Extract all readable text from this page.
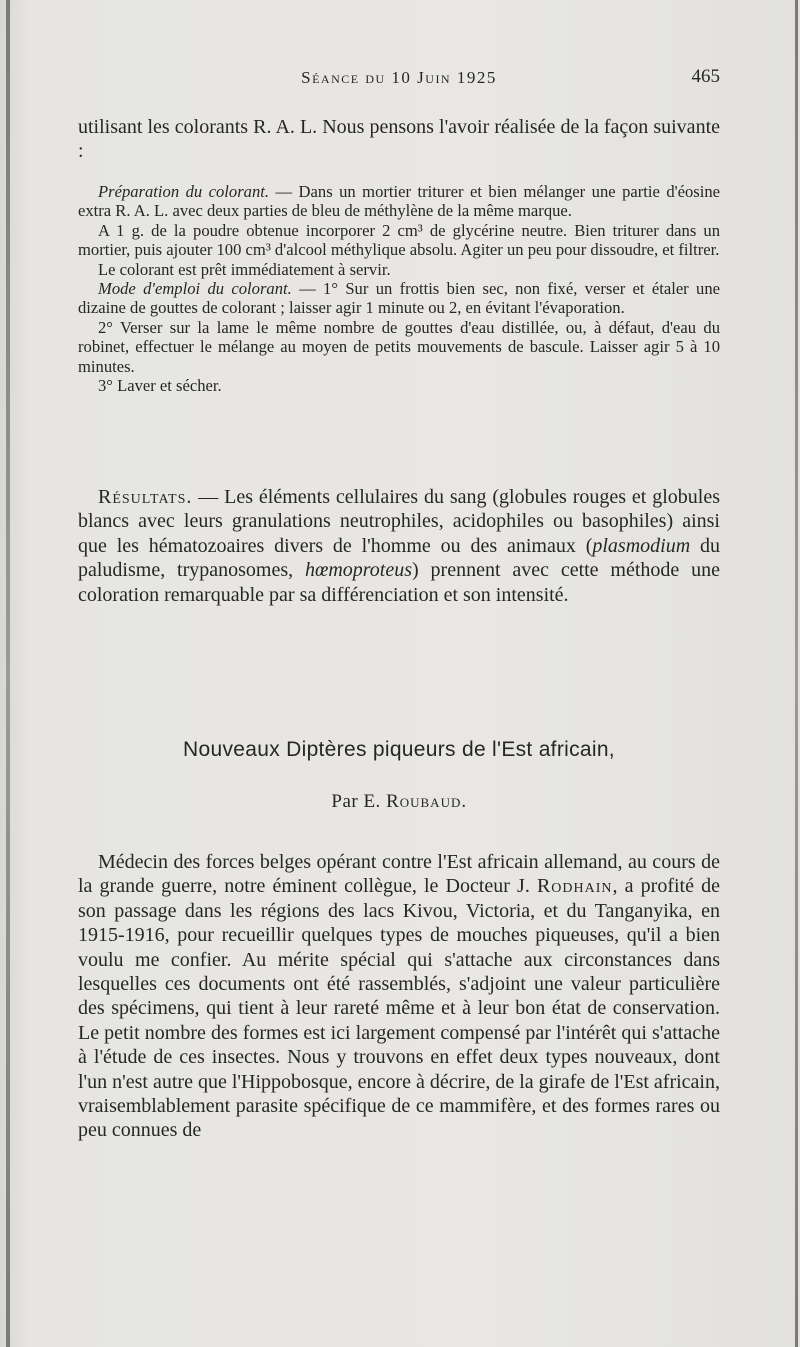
Séance du 10 Juin 1925	465

utilisant les colorants R. A. L. Nous pensons l'avoir réalisée de la façon suivante :

Préparation du colorant. — Dans un mortier triturer et bien mélanger une partie d'éosine extra R. A. L. avec deux parties de bleu de méthylène de la même marque.

A 1 g. de la poudre obtenue incorporer 2 cm³ de glycérine neutre. Bien triturer dans un mortier, puis ajouter 100 cm³ d'alcool méthylique absolu. Agiter un peu pour dissoudre, et filtrer.

Le colorant est prêt immédiatement à servir.

Mode d'emploi du colorant. — 1° Sur un frottis bien sec, non fixé, verser et étaler une dizaine de gouttes de colorant ; laisser agir 1 minute ou 2, en évitant l'évaporation.

2° Verser sur la lame le même nombre de gouttes d'eau distillée, ou, à défaut, d'eau du robinet, effectuer le mélange au moyen de petits mouvements de bascule. Laisser agir 5 à 10 minutes.

3° Laver et sécher.

Résultats. — Les éléments cellulaires du sang (globules rouges et globules blancs avec leurs granulations neutrophiles, acidophiles ou basophiles) ainsi que les hématozoaires divers de l'homme ou des animaux (plasmodium du paludisme, trypanosomes, hœmoproteus) prennent avec cette méthode une coloration remarquable par sa différenciation et son intensité.

Nouveaux Diptères piqueurs de l'Est africain,
Par E. Roubaud.

Médecin des forces belges opérant contre l'Est africain allemand, au cours de la grande guerre, notre éminent collègue, le Docteur J. Rodhain, a profité de son passage dans les régions des lacs Kivou, Victoria, et du Tanganyika, en 1915-1916, pour recueillir quelques types de mouches piqueuses, qu'il a bien voulu me confier. Au mérite spécial qui s'attache aux circonstances dans lesquelles ces documents ont été rassemblés, s'adjoint une valeur particulière des spécimens, qui tient à leur rareté même et à leur bon état de conservation. Le petit nombre des formes est ici largement compensé par l'intérêt qui s'attache à l'étude de ces insectes. Nous y trouvons en effet deux types nouveaux, dont l'un n'est autre que l'Hippobosque, encore à décrire, de la girafe de l'Est africain, vraisemblablement parasite spécifique de ce mammifère, et des formes rares ou peu connues de
